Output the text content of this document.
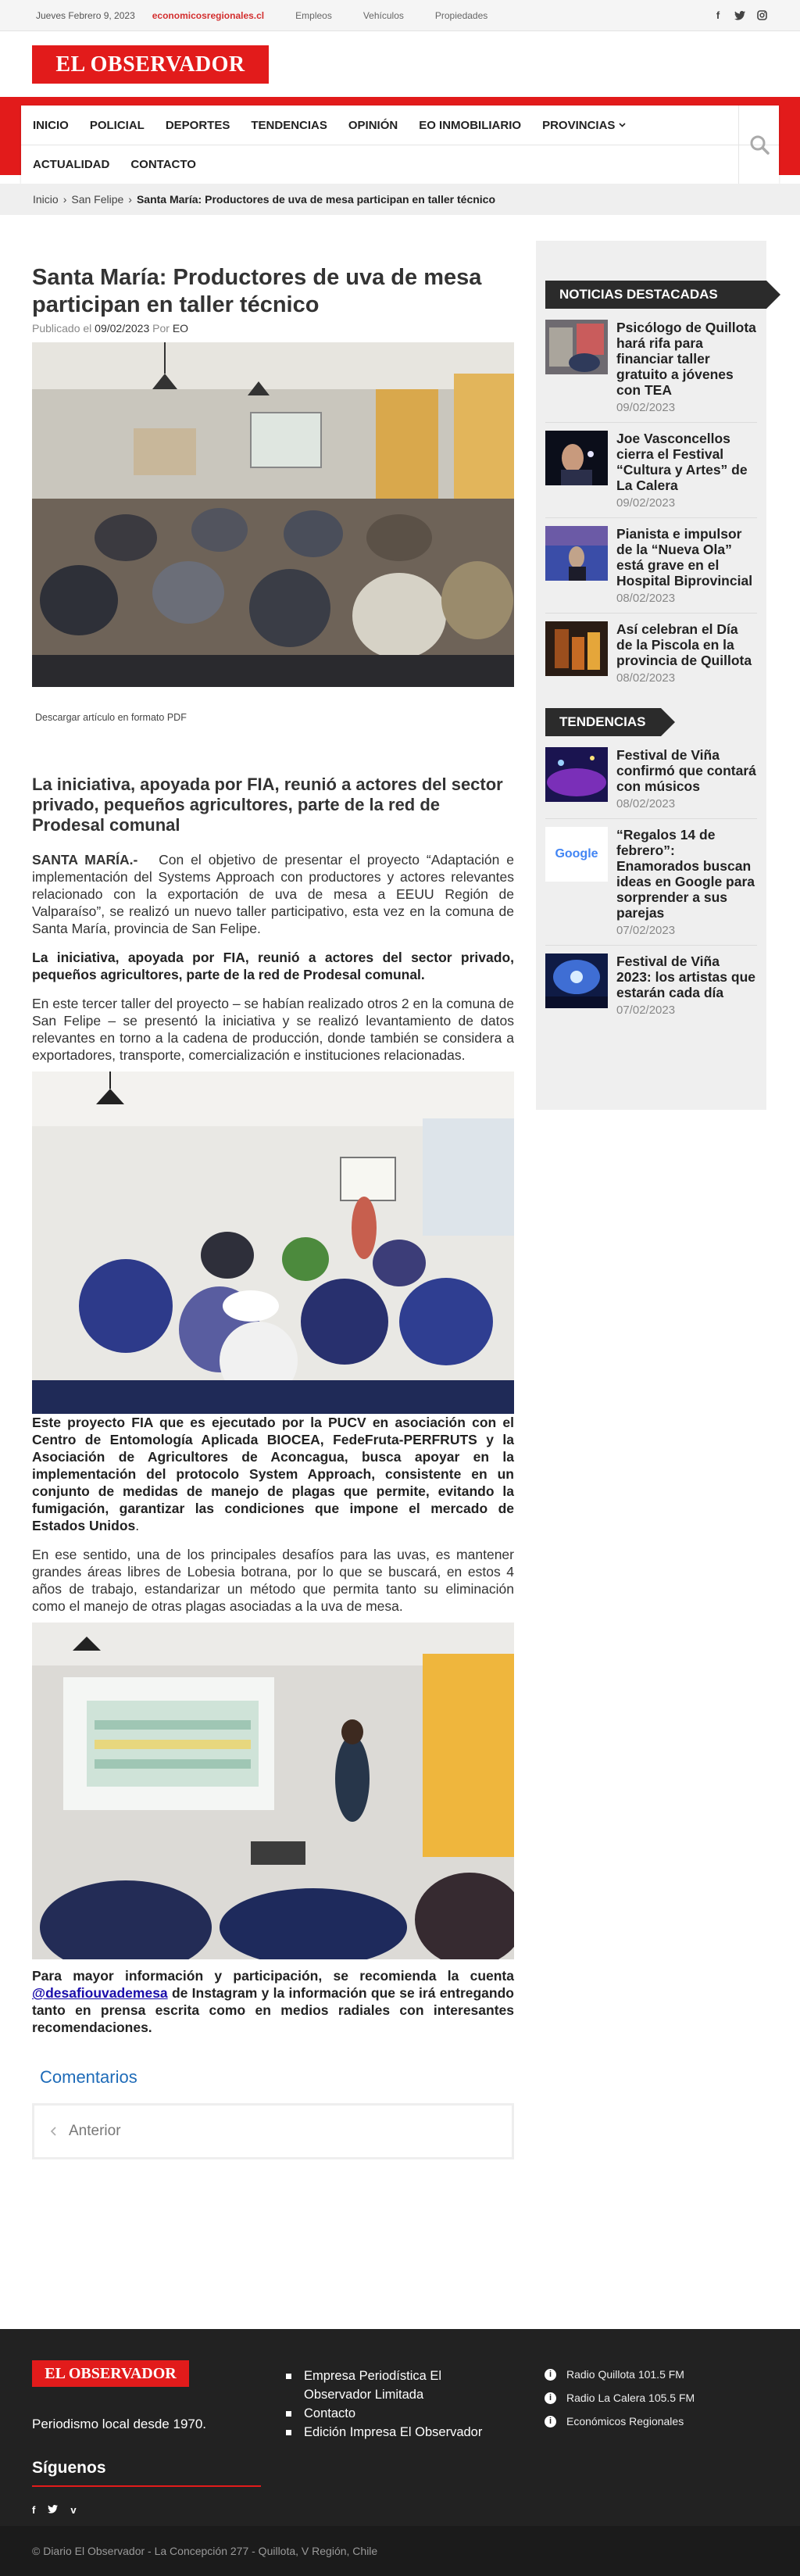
Jueves Febrero 9, 2023 economicosregionales.cl	Empleos	Vehículos	Propiedades	f
EL OBSERVADOR
INICIO POLICIAL DEPORTES TENDENCIAS OPINIÓN EO INMOBILIARIO PROVINCIAS
ACTUALIDAD CONTACTO
Inicio › San Felipe › Santa María: Productores de uva de mesa participan en taller técnico
Santa María: Productores de uva de mesa participan en taller técnico
Publicado el 09/02/2023 Por EO
Descargar artículo en formato PDF
La iniciativa, apoyada por FIA, reunió a actores del sector privado, pequeños agricultores, parte de la red de Prodesal comunal

SANTA MARÍA.- Con el objetivo de presentar el proyecto “Adaptación e implementación del Systems Approach con productores y actores relevantes relacionado con la exportación de uva de mesa a EEUU Región de Valparaíso”, se realizó un nuevo taller participativo, esta vez en la comuna de Santa María, provincia de San Felipe.

La iniciativa, apoyada por FIA, reunió a actores del sector privado, pequeños agricultores, parte de la red de Prodesal comunal.

En este tercer taller del proyecto – se habían realizado otros 2 en la comuna de San Felipe – se presentó la iniciativa y se realizó levantamiento de datos relevantes en torno a la cadena de producción, donde también se considera a exportadores, transporte, comercialización e instituciones relacionadas.

Este proyecto FIA que es ejecutado por la PUCV en asociación con el Centro de Entomología Aplicada BIOCEA, FedeFruta-PERFRUTS y la Asociación de Agricultores de Aconcagua, busca apoyar en la implementación del protocolo System Approach, consistente en un conjunto de medidas de manejo de plagas que permite, evitando la fumigación, garantizar las condiciones que impone el mercado de Estados Unidos.

En ese sentido, una de los principales desafíos para las uvas, es mantener grandes áreas libres de Lobesia botrana, por lo que se buscará, en estos 4 años de trabajo, estandarizar un método que permita tanto su eliminación como el manejo de otras plagas asociadas a la uva de mesa.

Para mayor información y participación, se recomienda la cuenta @desafiouvademesa de Instagram y la información que se irá entregando tanto en prensa escrita como en medios radiales con interesantes recomendaciones.

Comentarios
Anterior
NOTICIAS DESTACADAS
Psicólogo de Quillota hará rifa para financiar taller gratuito a jóvenes con TEA
09/02/2023
Joe Vasconcellos cierra el Festival “Cultura y Artes” de La Calera
09/02/2023
Pianista e impulsor de la “Nueva Ola” está grave en el Hospital Biprovincial
08/02/2023
Así celebran el Día de la Piscola en la provincia de Quillota
08/02/2023
TENDENCIAS
Festival de Viña confirmó que contará con músicos
08/02/2023
Google
“Regalos 14 de febrero”: Enamorados buscan ideas en Google para sorprender a sus parejas
07/02/2023
Festival de Viña 2023: los artistas que estarán cada día
07/02/2023
EL OBSERVADOR
Periodismo local desde 1970.
Síguenos
f	v
Empresa Periodística El Observador Limitada
Contacto
Edición Impresa El Observador
i	Radio Quillota 101.5 FM
i	Radio La Calera 105.5 FM
i	Económicos Regionales
© Diario El Observador - La Concepción 277 - Quillota, V Región, Chile
